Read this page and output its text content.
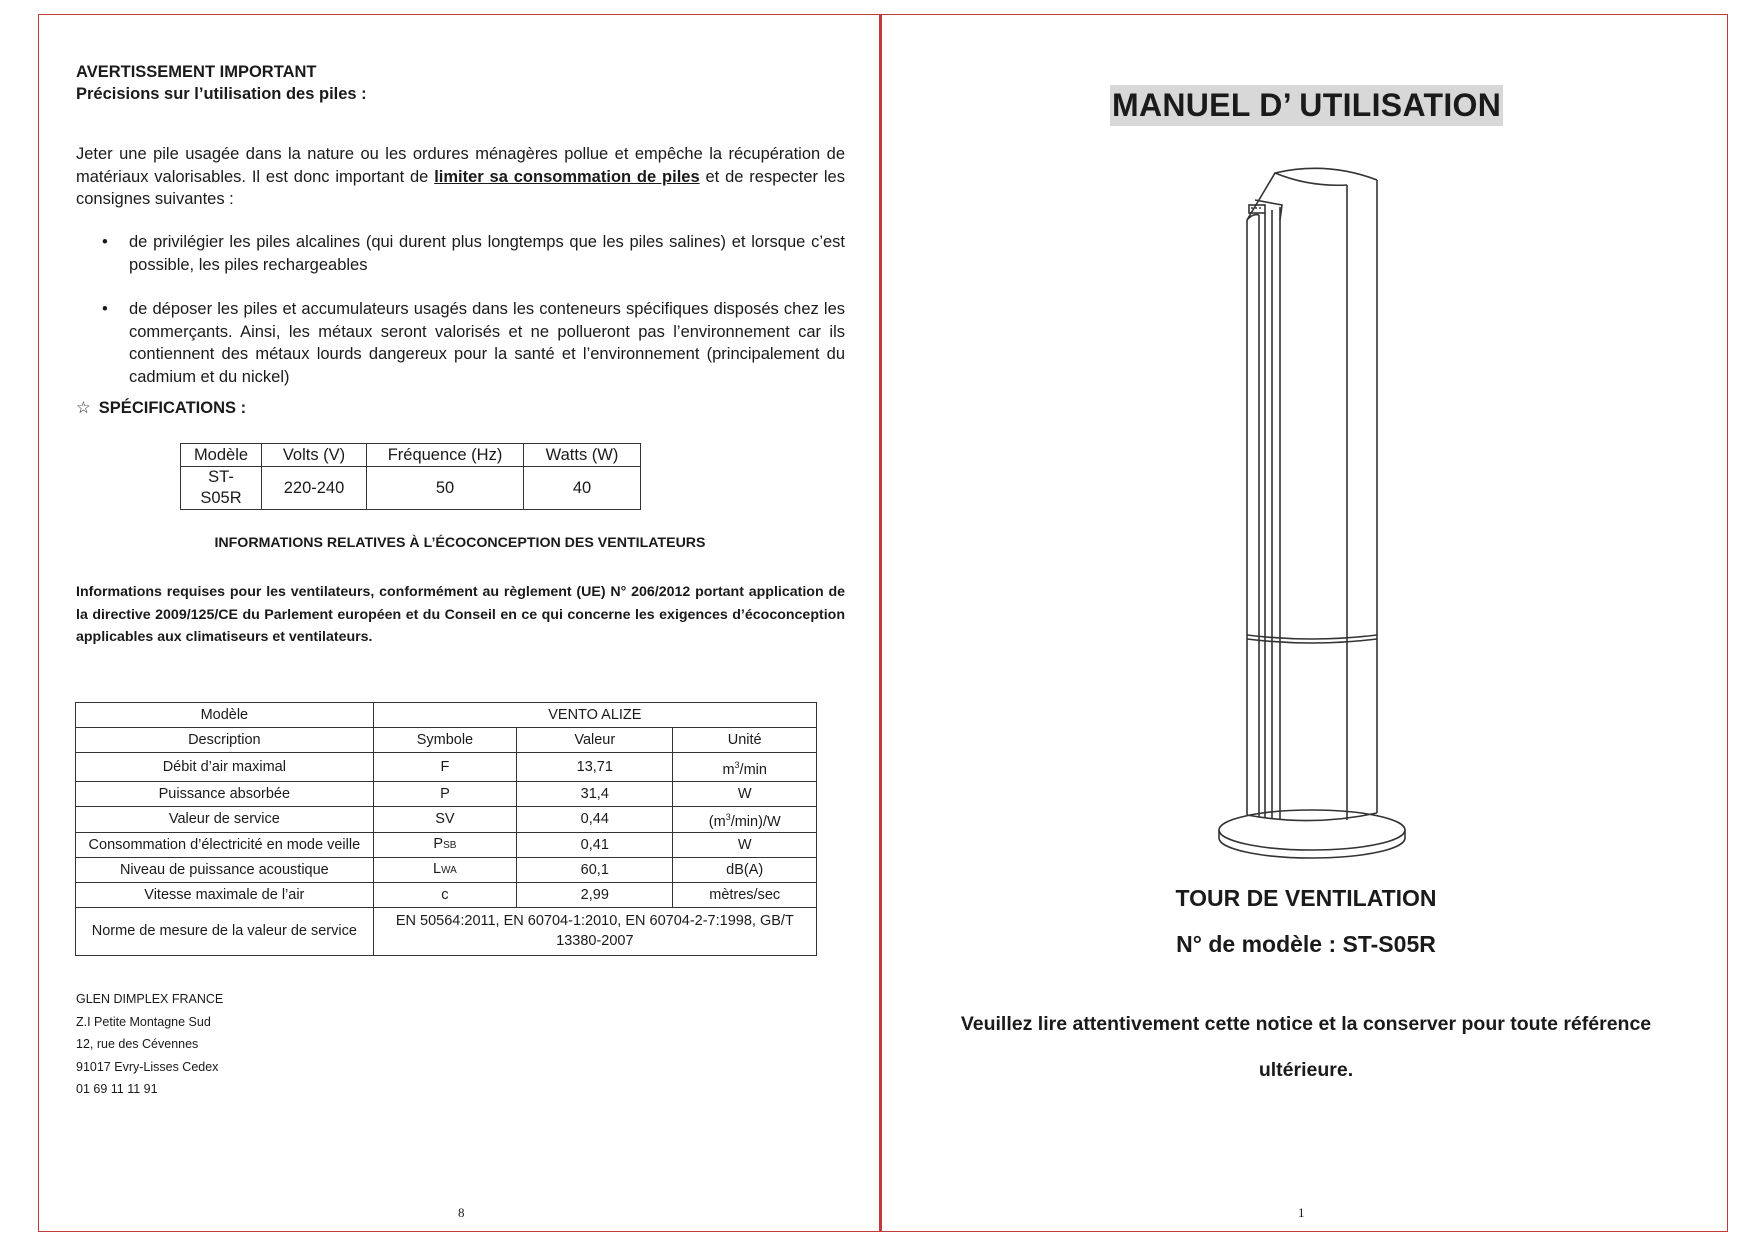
AVERTISSEMENT IMPORTANT
Précisions sur l’utilisation des piles :
Jeter une pile usagée dans la nature ou les ordures ménagères pollue et empêche la récupération de matériaux valorisables. Il est donc important de limiter sa consommation de piles et de respecter les consignes suivantes :
• de privilégier les piles alcalines (qui durent plus longtemps que les piles salines) et lorsque c’est possible, les piles rechargeables
• de déposer les piles et accumulateurs usagés dans les conteneurs spécifiques disposés chez les commerçants. Ainsi, les métaux seront valorisés et ne pollueront pas l’environnement car ils contiennent des métaux lourds dangereux pour la santé et l’environnement (principalement du cadmium et du nickel)
☆ SPÉCIFICATIONS :
Modèle	Volts (V)	Fréquence (Hz)	Watts (W)
ST-S05R	220-240	50	40
INFORMATIONS RELATIVES À L’ÉCOCONCEPTION DES VENTILATEURS
Informations requises pour les ventilateurs, conformément au règlement (UE) N° 206/2012 portant application de la directive 2009/125/CE du Parlement européen et du Conseil en ce qui concerne les exigences d’écoconception applicables aux climatiseurs et ventilateurs.
Modèle	VENTO ALIZE		
Description	Symbole	Valeur	Unité
Débit d’air maximal	F	13,71	$m^3/\min$
Puissance absorbée	P	31,4	W
Valeur de service	SV	0,44	$(m^3/\min)/W$
Consommation d’électricité en mode veille	PSB	0,41	W
Niveau de puissance acoustique	LWA	60,1	dB(A)
Vitesse maximale de l’air	c	2,99	mètres/sec
Norme de mesure de la valeur de service	EN 50564:2011, EN 60704-1:2010, EN 60704-2-7:1998, GB/T 13380-2007		
GLEN DIMPLEX FRANCE
Z.I Petite Montagne Sud
12, rue des Cévennes
91017 Evry-Lisses Cedex
01 69 11 11 91
8
MANUEL D’ UTILISATION
TOUR DE VENTILATION
N° de modèle : ST-S05R
Veuillez lire attentivement cette notice et la conserver pour toute référence ultérieure.
1
